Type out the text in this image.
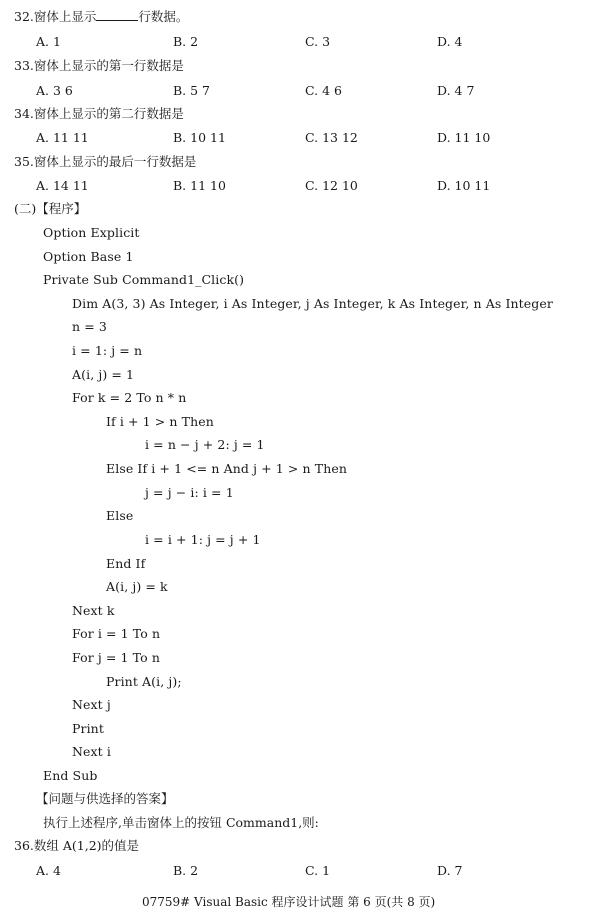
32.窗体上显示	行数据。
A. 1	B. 2	C. 3	D. 4
33.窗体上显示的第一行数据是
A. 3 6	B. 5 7	C. 4 6	D. 4 7
34.窗体上显示的第二行数据是
A. 11 11	B. 10 11	C. 13 12	D. 11 10
35.窗体上显示的最后一行数据是
A. 14 11	B. 11 10	C. 12 10	D. 10 11
(二)【程序】
Option Explicit
Option Base 1
Private Sub Command1_Click()
Dim A(3, 3) As Integer, i As Integer, j As Integer, k As Integer, n As Integer
n = 3
i = 1: j = n
A(i, j) = 1
For k = 2 To n * n
If i + 1 > n Then
i = n − j + 2: j = 1
Else If i + 1 <= n And j + 1 > n Then
j = j − i: i = 1
Else
i = i + 1: j = j + 1
End If
A(i, j) = k
Next k
For i = 1 To n
For j = 1 To n
Print A(i, j);
Next j
Print
Next i
End Sub
【问题与供选择的答案】
执行上述程序,单击窗体上的按钮 Command1,则:
36.数组 A(1,2)的值是
A. 4	B. 2	C. 1	D. 7
07759# Visual Basic 程序设计试题 第 6 页(共 8 页)
